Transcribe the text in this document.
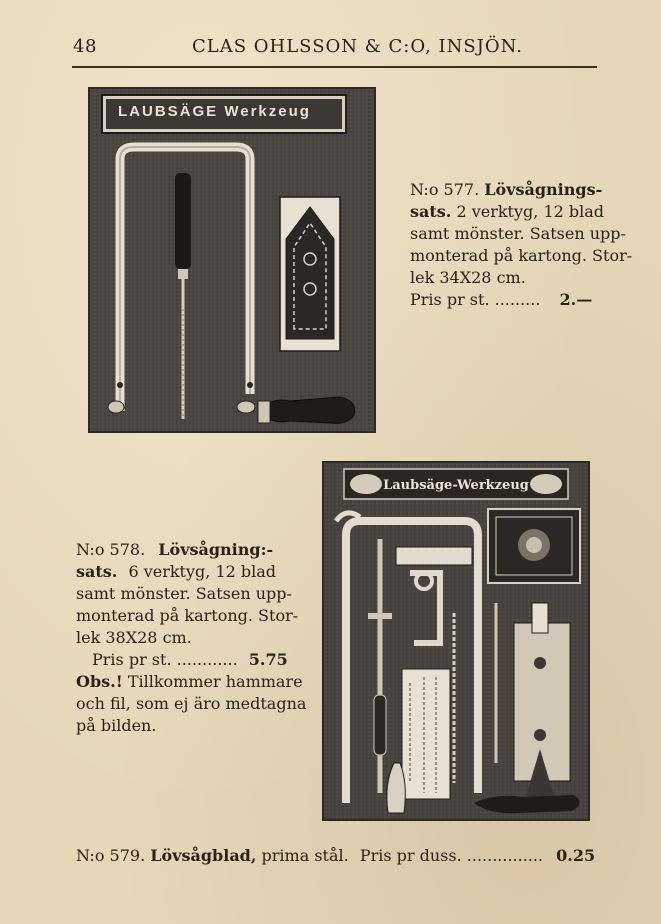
48	CLAS OHLSSON & C:O, INSJÖN.
LAUBSÄGE Werkzeug
N:o 577. Lövsågnings-
sats. 2 verktyg, 12 blad
samt mönster. Satsen upp-
monterad på kartong. Stor-
lek 34X28 cm.
Pris pr st. ......... 2.—
Laubsäge-Werkzeug
N:o 578. Lövsågning:-
sats. 6 verktyg, 12 blad
samt mönster. Satsen upp-
monterad på kartong. Stor-
lek 38X28 cm.
Pris pr st. ............ 5.75
Obs.! Tillkommer hammare
och fil, som ej äro medtagna
på bilden.
N:o 579. Lövsågblad, prima stål. Pris pr duss. ............... 0.25
